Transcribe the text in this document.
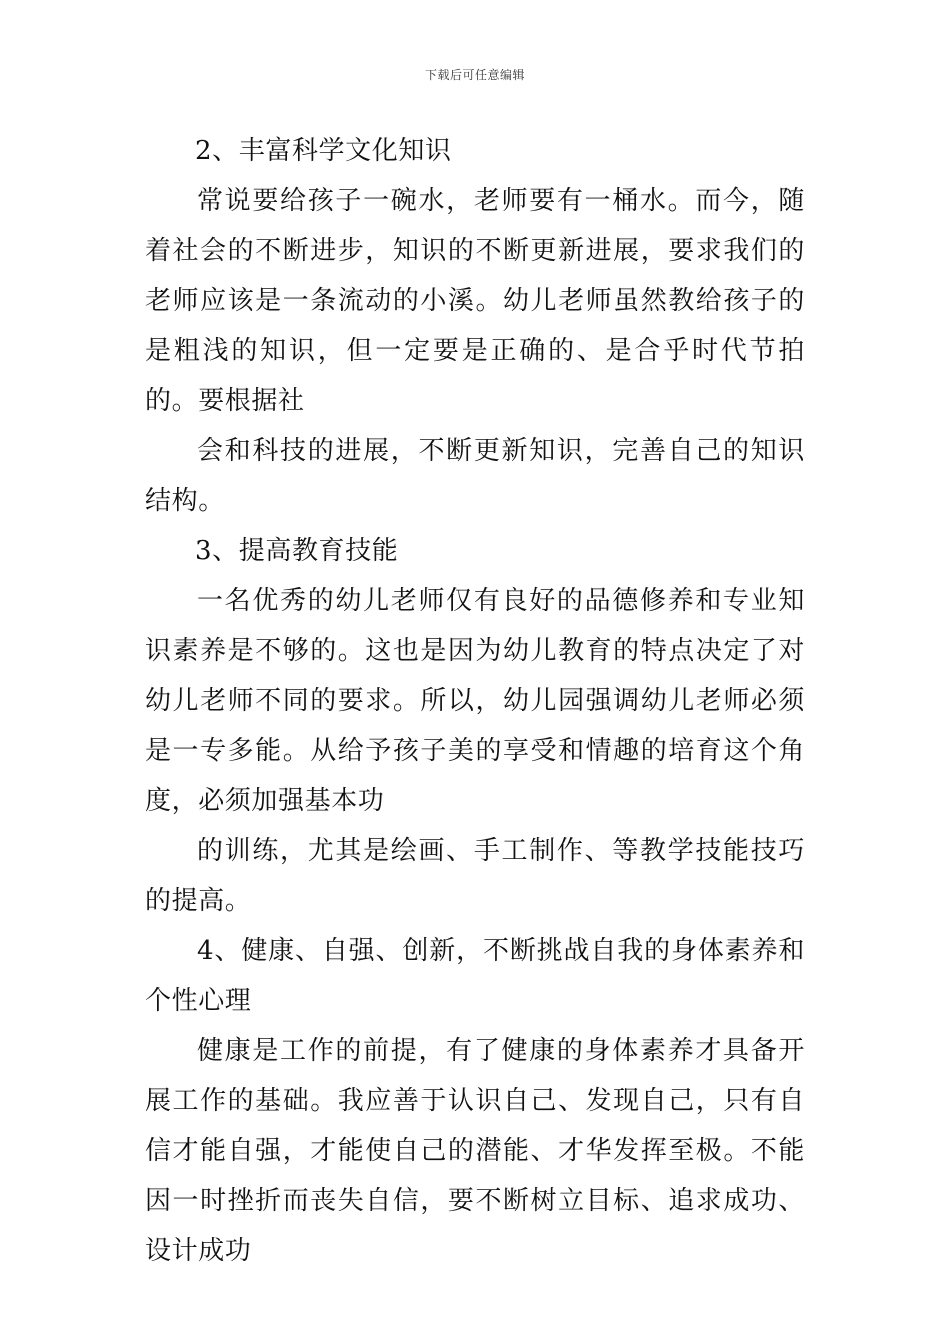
下载后可任意编辑

2、丰富科学文化知识

常说要给孩子一碗水，老师要有一桶水。而今，随着社会的不断进步，知识的不断更新进展，要求我们的老师应该是一条流动的小溪。幼儿老师虽然教给孩子的是粗浅的知识，但一定要是正确的、是合乎时代节拍的。要根据社

会和科技的进展，不断更新知识，完善自己的知识结构。

3、提高教育技能

一名优秀的幼儿老师仅有良好的品德修养和专业知识素养是不够的。这也是因为幼儿教育的特点决定了对幼儿老师不同的要求。所以，幼儿园强调幼儿老师必须是一专多能。从给予孩子美的享受和情趣的培育这个角度，必须加强基本功

的训练，尤其是绘画、手工制作、等教学技能技巧的提高。

4、健康、自强、创新，不断挑战自我的身体素养和个性心理

健康是工作的前提，有了健康的身体素养才具备开展工作的基础。我应善于认识自己、发现自己，只有自信才能自强，才能使自己的潜能、才华发挥至极。不能因一时挫折而丧失自信，要不断树立目标、追求成功、设计成功
